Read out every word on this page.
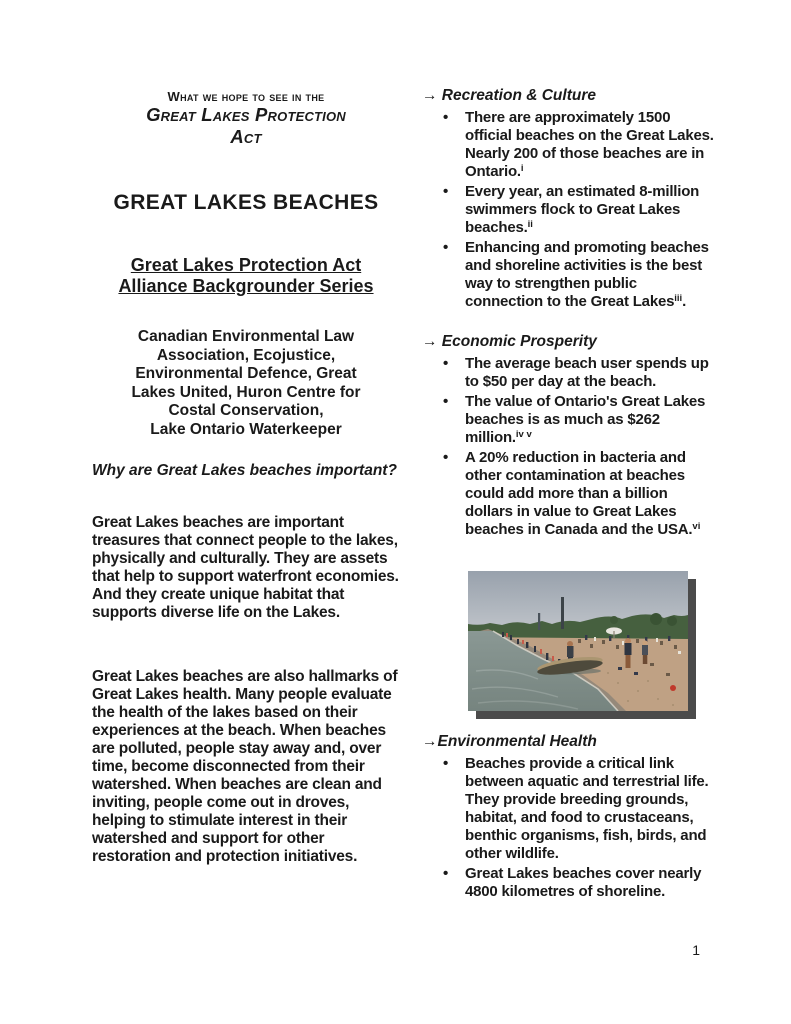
What we hope to see in the
Great Lakes Protection
Act
GREAT LAKES BEACHES
Great Lakes Protection Act
Alliance Backgrounder Series
Canadian Environmental Law
Association, Ecojustice,
Environmental Defence, Great
Lakes United, Huron Centre for
Costal Conservation,
Lake Ontario Waterkeeper
Why are Great Lakes beaches important?
Great Lakes beaches are important treasures that connect people to the lakes, physically and culturally. They are assets that help to support waterfront economies. And they create unique habitat that supports diverse life on the Lakes.
Great Lakes beaches are also hallmarks of Great Lakes health. Many people evaluate the health of the lakes based on their experiences at the beach. When beaches are polluted, people stay away and, over time, become disconnected from their watershed. When beaches are clean and inviting, people come out in droves, helping to stimulate interest in their watershed and support for other restoration and protection initiatives.
→ Recreation & Culture
•	There are approximately 1500 official beaches on the Great Lakes. Nearly 200 of those beaches are in Ontario.$^i$
•	Every year, an estimated 8-million swimmers flock to Great Lakes beaches.$^{ii}$
•	Enhancing and promoting beaches and shoreline activities is the best way to strengthen public connection to the Great Lakes$^{iii}$.
→ Economic Prosperity
•	The average beach user spends up to $50 per day at the beach.
•	The value of Ontario's Great Lakes beaches is as much as $262 million.$^{iv v}$
•	A 20% reduction in bacteria and other contamination at beaches could add more than a billion dollars in value to Great Lakes beaches in Canada and the USA.$^{vi}$
→Environmental Health
•	Beaches provide a critical link between aquatic and terrestrial life. They provide breeding grounds, habitat, and food to crustaceans, benthic organisms, fish, birds, and other wildlife.
•	Great Lakes beaches cover nearly 4800 kilometres of shoreline.
1
